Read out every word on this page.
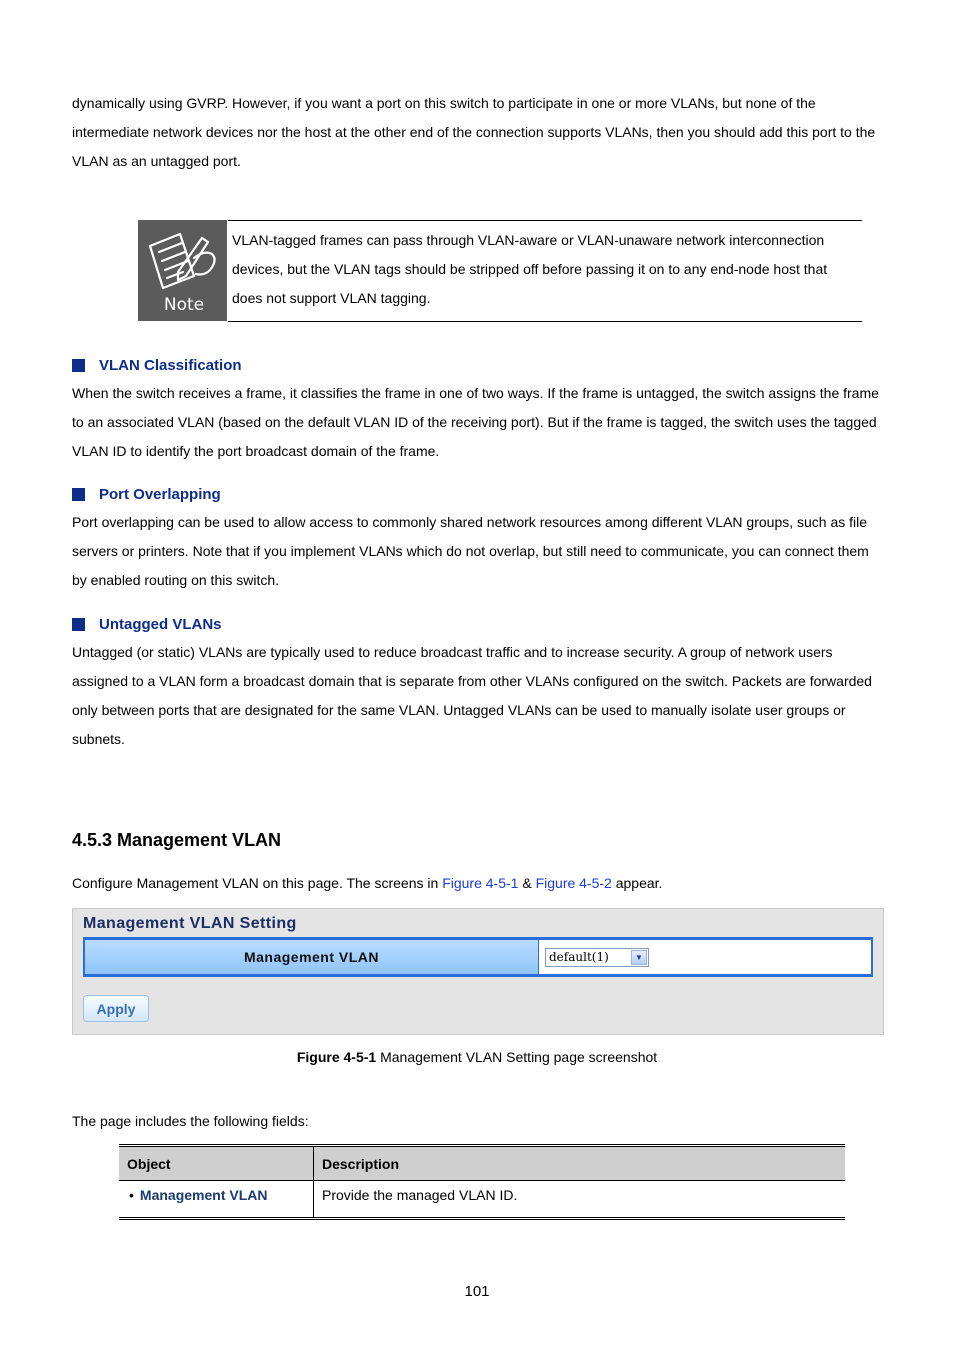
dynamically using GVRP. However, if you want a port on this switch to participate in one or more VLANs, but none of the intermediate network devices nor the host at the other end of the connection supports VLANs, then you should add this port to the VLAN as an untagged port.

Note

VLAN-tagged frames can pass through VLAN-aware or VLAN-unaware network interconnection devices, but the VLAN tags should be stripped off before passing it on to any end-node host that does not support VLAN tagging.

VLAN Classification

When the switch receives a frame, it classifies the frame in one of two ways. If the frame is untagged, the switch assigns the frame to an associated VLAN (based on the default VLAN ID of the receiving port). But if the frame is tagged, the switch uses the tagged VLAN ID to identify the port broadcast domain of the frame.

Port Overlapping

Port overlapping can be used to allow access to commonly shared network resources among different VLAN groups, such as file servers or printers. Note that if you implement VLANs which do not overlap, but still need to communicate, you can connect them by enabled routing on this switch.

Untagged VLANs

Untagged (or static) VLANs are typically used to reduce broadcast traffic and to increase security. A group of network users assigned to a VLAN form a broadcast domain that is separate from other VLANs configured on the switch. Packets are forwarded only between ports that are designated for the same VLAN. Untagged VLANs can be used to manually isolate user groups or subnets.

4.5.3 Management VLAN

Configure Management VLAN on this page. The screens in Figure 4-5-1 & Figure 4-5-2 appear.

Management VLAN Setting
Management VLAN	default(1)	▼
Apply
Figure 4-5-1 Management VLAN Setting page screenshot

The page includes the following fields:

Object	Description
• Management VLAN	Provide the managed VLAN ID.
101
